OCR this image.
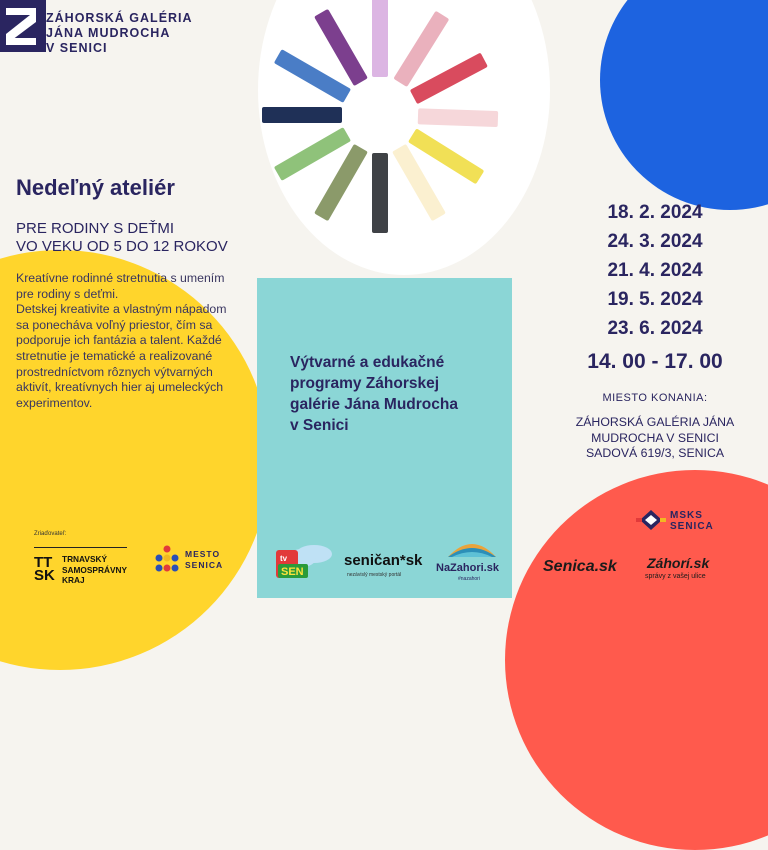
ZÁHORSKÁ GALÉRIA
JÁNA MUDROCHA
V SENICI
Nedeľný ateliér
PRE RODINY S DEŤMI
VO VEKU OD 5 DO 12 ROKOV
Kreatívne rodinné stretnutia s umením
pre rodiny s deťmi.
Detskej kreativite a vlastným nápadom
sa ponecháva voľný priestor, čím sa
podporuje ich fantázia a talent. Každé
stretnutie je tematické a realizované
prostredníctvom rôznych výtvarných
aktivít, kreatívnych hier aj umeleckých
experimentov.
Výtvarné a edukačné
programy Záhorskej
galérie Jána Mudrocha
v Senici
18. 2. 2024
24. 3. 2024
21. 4. 2024
19. 5. 2024
23. 6. 2024
14. 00 - 17. 00
MIESTO KONANIA:
ZÁHORSKÁ GALÉRIA JÁNA
MUDROCHA V SENICI
SADOVÁ 619/3, SENICA
Zriaďovateľ:
TT
SK
TRNAVSKÝ
SAMOSPRÁVNY
KRAJ
MESTO
SENICA
tv
SEN
seničan*sk
nezávislý mestský portál
NaZahori.sk
#nazahori
MSKS
SENICA
Senica.sk Záhorí.sk
správy z vašej ulice
